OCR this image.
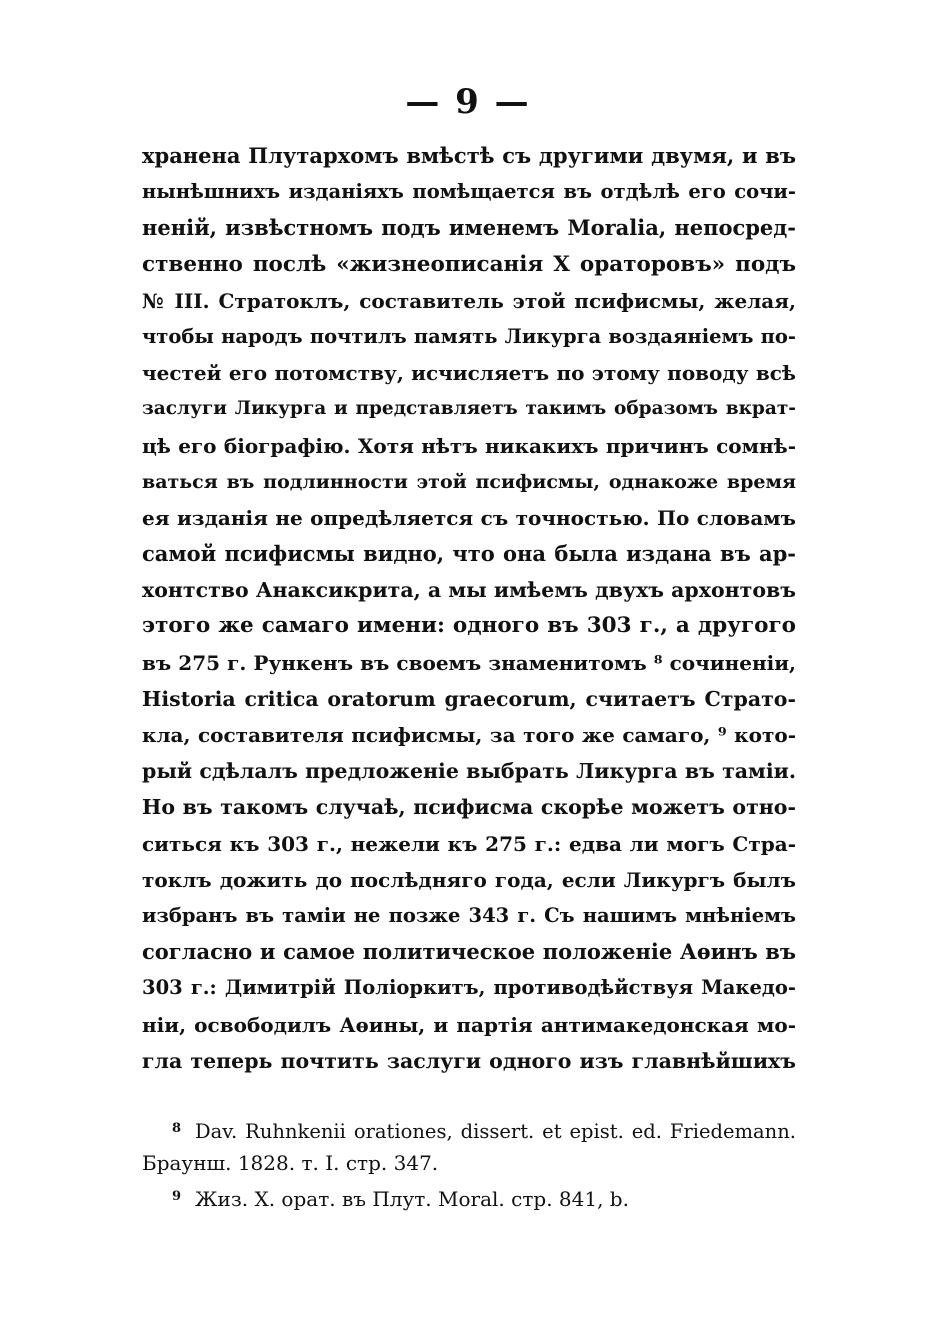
— 9 —
хранена Плутархомъ вмѣстѣ съ другими двумя, и въ
нынѣшнихъ изданіяхъ помѣщается въ отдѣлѣ его сочи-
неній, извѣстномъ подъ именемъ Moralia, непосред-
ственно послѣ «жизнеописанія X ораторовъ» подъ
№ III. Стратоклъ, составитель этой псифисмы, желая,
чтобы народъ почтилъ память Ликурга воздаяніемъ по-
честей его потомству, исчисляетъ по этому поводу всѣ
заслуги Ликурга и представляетъ такимъ образомъ вкрат-
цѣ его біографію. Хотя нѣтъ никакихъ причинъ сомнѣ-
ваться въ подлинности этой псифисмы, однакоже время
ея изданія не опредѣляется съ точностью. По словамъ
самой псифисмы видно, что она была издана въ ар-
хонтство Анаксикрита, а мы имѣемъ двухъ архонтовъ
этого же самаго имени: одного въ 303 г., а другого
въ 275 г. Рункенъ въ своемъ знаменитомъ ⁸ сочиненіи,
Historia critica oratorum graecorum, считаетъ Страто-
кла, составителя псифисмы, за того же самаго, ⁹ кото-
рый сдѣлалъ предложеніе выбрать Ликурга въ таміи.
Но въ такомъ случаѣ, псифисма скорѣе можетъ отно-
ситься къ 303 г., нежели къ 275 г.: едва ли могъ Стра-
токлъ дожить до послѣдняго года, если Ликургъ былъ
избранъ въ таміи не позже 343 г. Съ нашимъ мнѣніемъ
согласно и самое политическое положеніе Аѳинъ въ
303 г.: Димитрій Поліоркитъ, противодѣйствуя Македо-
ніи, освободилъ Аѳины, и партія антимакедонская мо-
гла теперь почтить заслуги одного изъ главнѣйшихъ
$^8$ Dav. Ruhnkenii orationes, dissert. et epist. ed. Friedemann.
Браунш. 1828. т. I. стр. 347.
$^9$ Жиз. X. орат. въ Плут. Moral. стр. 841, b.
